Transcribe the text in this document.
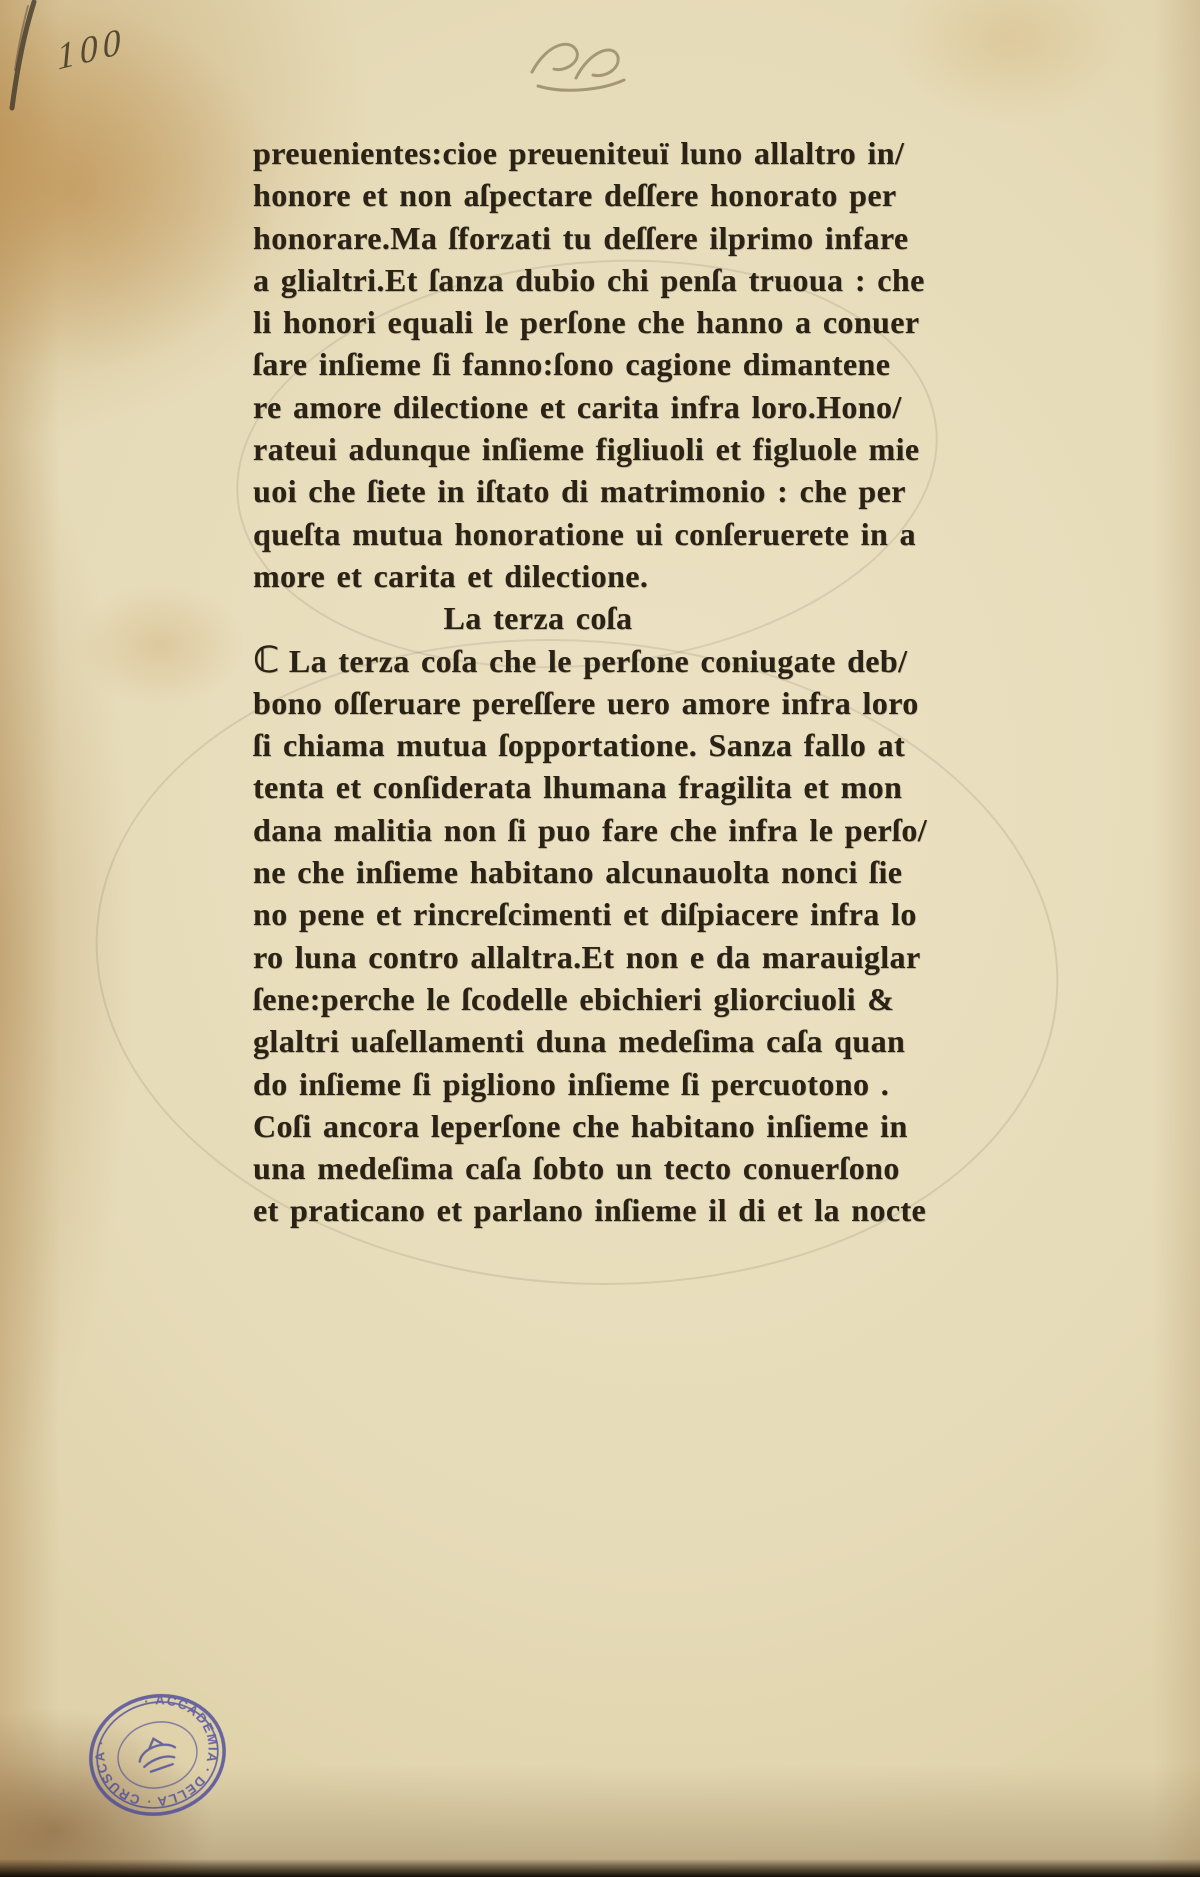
100
preuenientes:cioe preueniteuï luno allaltro in/
honore et non aſpectare deſſere honorato per
honorare.Ma ſforzati tu deſſere ilprimo infare
a glialtri.Et ſanza dubio chi penſa truoua : che
li honori equali le perſone che hanno a conuer
ſare inſieme ſi fanno:ſono cagione dimantene
re amore dilectione et carita infra loro.Hono/
rateui adunque inſieme figliuoli et figluole mie
uoi che ſiete in iſtato di matrimonio : che per
queſta mutua honoratione ui conſeruerete in a
more et carita et dilectione.
La terza coſa
ℂ La terza coſa che le perſone coniugate deb/
bono oſſeruare pereſſere uero amore infra loro
ſi chiama mutua ſopportatione. Sanza fallo at
tenta et conſiderata lhumana fragilita et mon
dana malitia non ſi puo fare che infra le perſo/
ne che inſieme habitano alcunauolta nonci ſie
no pene et rincreſcimenti et diſpiacere infra lo
ro luna contro allaltra.Et non e da marauiglar
ſene:perche le ſcodelle ebichieri gliorciuoli &
glaltri uaſellamenti duna medeſima caſa quan
do inſieme ſi pigliono inſieme ſi percuotono .
Coſi ancora leperſone che habitano inſieme in
una medeſima caſa ſobto un tecto conuerſono
et praticano et parlano inſieme il di et la nocte
· ACCADEMIA · DELLA · CRUSCA ·
